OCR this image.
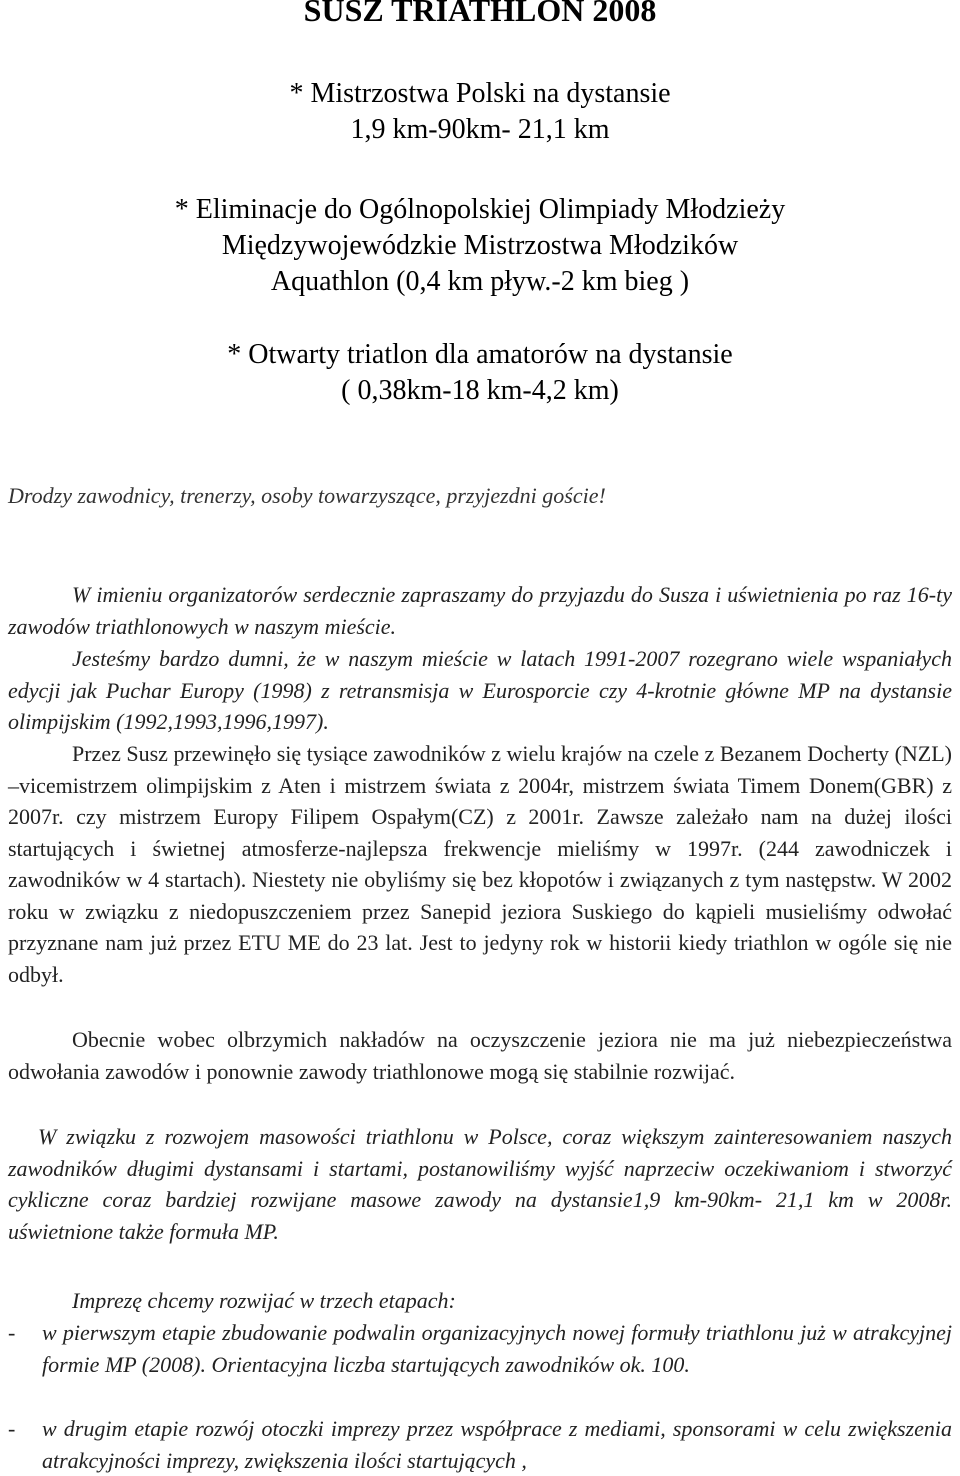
SUSZ TRIATHLON 2008
* Mistrzostwa Polski na dystansie
1,9 km-90km- 21,1 km
* Eliminacje do Ogólnopolskiej Olimpiady Młodzieży
Międzywojewódzkie Mistrzostwa Młodzików
Aquathlon (0,4 km pływ.-2 km bieg )
* Otwarty triatlon dla amatorów na dystansie
( 0,38km-18 km-4,2 km)
Drodzy zawodnicy, trenerzy, osoby towarzyszące, przyjezdni goście!

W imieniu organizatorów serdecznie zapraszamy do przyjazdu do Susza i uświetnienia po raz 16-ty zawodów triathlonowych w naszym mieście.

Jesteśmy bardzo dumni, że w naszym mieście w latach 1991-2007 rozegrano wiele wspaniałych edycji jak Puchar Europy (1998) z retransmisja w Eurosporcie czy 4-krotnie główne MP na dystansie olimpijskim (1992,1993,1996,1997).

Przez Susz przewinęło się tysiące zawodników z wielu krajów na czele z Bezanem Docherty (NZL) –vicemistrzem olimpijskim z Aten i mistrzem świata z 2004r, mistrzem świata Timem Donem(GBR) z 2007r. czy mistrzem Europy Filipem Ospałym(CZ) z 2001r. Zawsze zależało nam na dużej ilości startujących i świetnej atmosferze-najlepsza frekwencje mieliśmy w 1997r. (244 zawodniczek i zawodników w 4 startach). Niestety nie obyliśmy się bez kłopotów i związanych z tym następstw. W 2002 roku w związku z niedopuszczeniem przez Sanepid jeziora Suskiego do kąpieli musieliśmy odwołać przyznane nam już przez ETU ME do 23 lat. Jest to jedyny rok w historii kiedy triathlon w ogóle się nie odbył.

Obecnie wobec olbrzymich nakładów na oczyszczenie jeziora nie ma już niebezpieczeństwa odwołania zawodów i ponownie zawody triathlonowe mogą się stabilnie rozwijać.

W związku z rozwojem masowości triathlonu w Polsce, coraz większym zainteresowaniem naszych zawodników długimi dystansami i startami, postanowiliśmy wyjść naprzeciw oczekiwaniom i stworzyć cykliczne coraz bardziej rozwijane masowe zawody na dystansie1,9 km-90km- 21,1 km w 2008r. uświetnione także formuła MP.

Imprezę chcemy rozwijać w trzech etapach:

- w pierwszym etapie zbudowanie podwalin organizacyjnych nowej formuły triathlonu już w atrakcyjnej formie MP (2008). Orientacyjna liczba startujących zawodników ok. 100.
- w drugim etapie rozwój otoczki imprezy przez współprace z mediami, sponsorami w celu zwiększenia atrakcyjności imprezy, zwiększenia ilości startujących ,
